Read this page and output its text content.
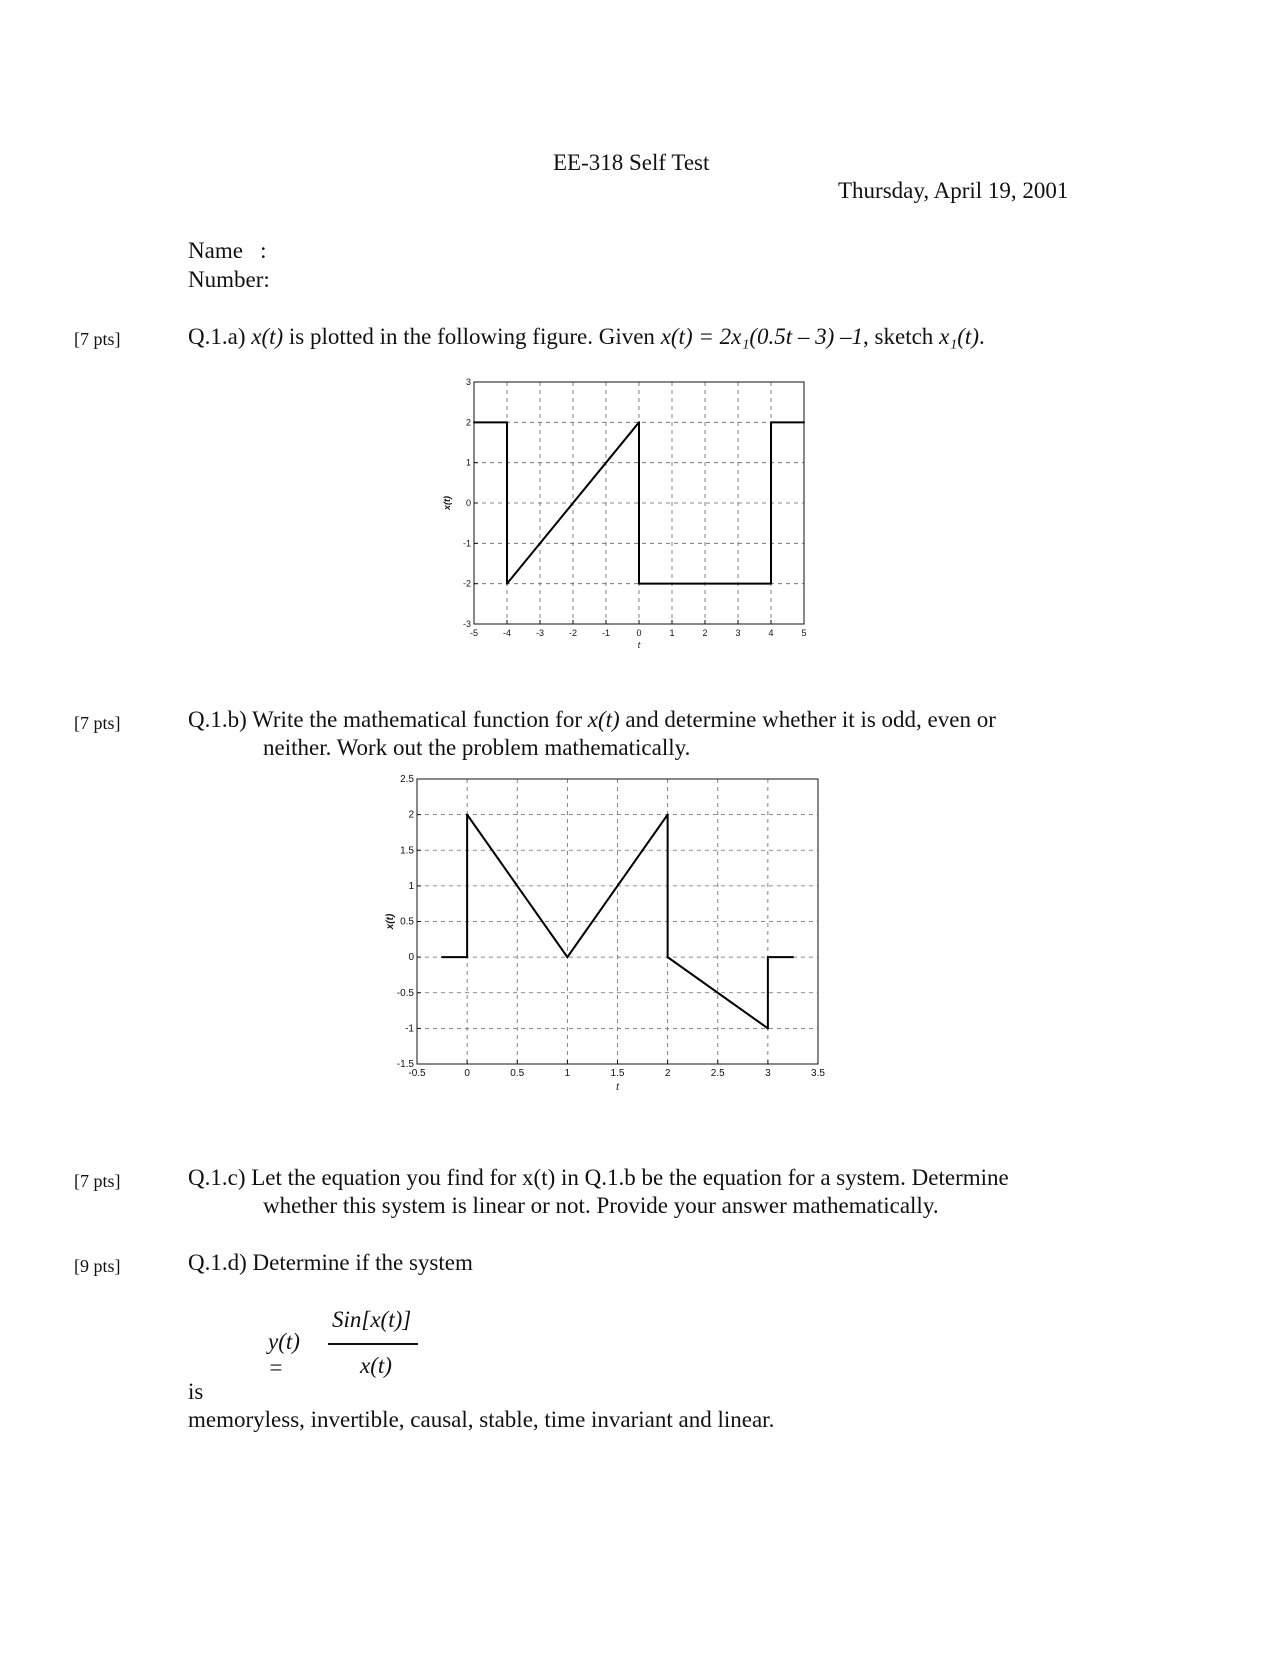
EE-318 Self Test
Thursday, April 19, 2001
Name   :
Number:
[7 pts]	Q.1.a) x(t) is plotted in the following figure. Given x(t) = 2x₁(0.5t – 3) –1, sketch x₁(t).
-5	-4	-3	-2	-1	0	1	2	3	4	5
-3
-2
-1
0
1
2
3
t
x(t)
[7 pts]	Q.1.b) Write the mathematical function for x(t) and determine whether it is odd, even or
neither. Work out the problem mathematically.
-0.5	0	0.5	1	1.5	2	2.5	3	3.5
-1.5
-1
-0.5
0
0.5
1
1.5
2
2.5
t
x(t)
[7 pts]	Q.1.c) Let the equation you find for x(t) in Q.1.b be the equation for a system. Determine
whether this system is linear or not. Provide your answer mathematically.
[9 pts]	Q.1.d) Determine if the system
y(t) =
Sin[x(t)]
x(t)
is
memoryless, invertible, causal, stable, time invariant and linear.
